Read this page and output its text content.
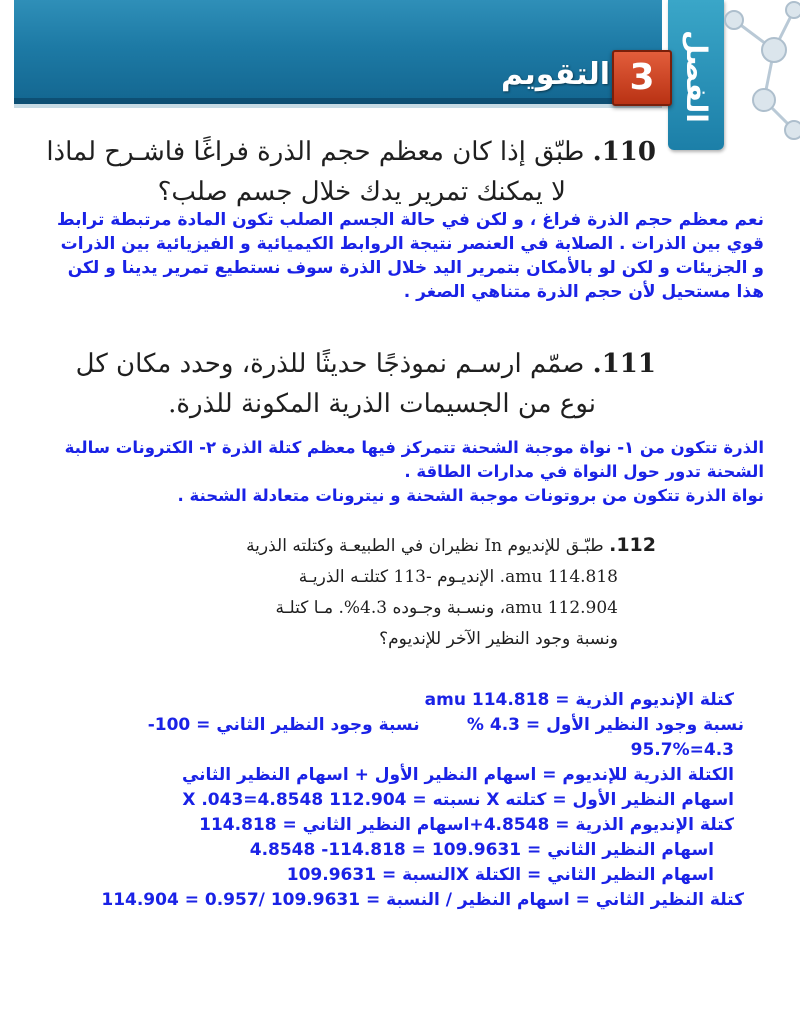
الفصل
3
التقويم
110. طبّق إذا كان معظم حجم الذرة فراغًا فاشـرح لماذا
لا يمكنك تمرير يدك خلال جسم صلب؟
نعم معظم حجم الذرة فراغ ، و لكن في حالة الجسم الصلب تكون المادة مرتبطة ترابط
قوي بين الذرات . الصلابة في العنصر نتيجة الروابط الكيميائية و الفيزيائية بين الذرات
و الجزيئات و لكن لو بالأمكان بتمرير اليد خلال الذرة سوف نستطيع تمرير يدينا و لكن
هذا مستحيل لأن حجم الذرة متناهي الصغر .
111. صمّم ارسـم نموذجًا حديثًا للذرة، وحدد مكان كل
نوع من الجسيمات الذرية المكونة للذرة.
الذرة تتكون من ١- نواة موجبة الشحنة تتمركز فيها معظم كتلة الذرة ٢- الكترونات سالبة
الشحنة تدور حول النواة في مدارات الطاقة .
نواة الذرة تتكون من بروتونات موجبة الشحنة و نيترونات متعادلة الشحنة .
112. طبّـق للإنديوم In نظيران في الطبيعـة وكتلته الذرية
114.818 amu. الإنديـوم -113 كتلتـه الذريـة
112.904 amu، ونسـبة وجـوده 4.3%. مـا كتلـة
ونسبة وجود النظير الآخر للإنديوم؟
كتلة الإنديوم الذرية = 114.818 amu
نسبة وجود النظير الأول = 4.3 %        نسبة وجود النظير الثاني = 100-
4.3=95.7%
الكتلة الذرية للإنديوم = اسهام النظير الأول + اسهام النظير الثاني
اسهام النظير الأول = كتلته X نسبته = 112.904 X .043=4.8548
كتلة الإنديوم الذرية = 4.8548+اسهام النظير الثاني = 114.818
اسهام النظير الثاني = 109.9631 = 114.818- 4.8548
اسهام النظير الثاني = الكتلة Xالنسبة = 109.9631
كتلة النظير الثاني = اسهام النظير / النسبة = 109.9631 /0.957 = 114.904
